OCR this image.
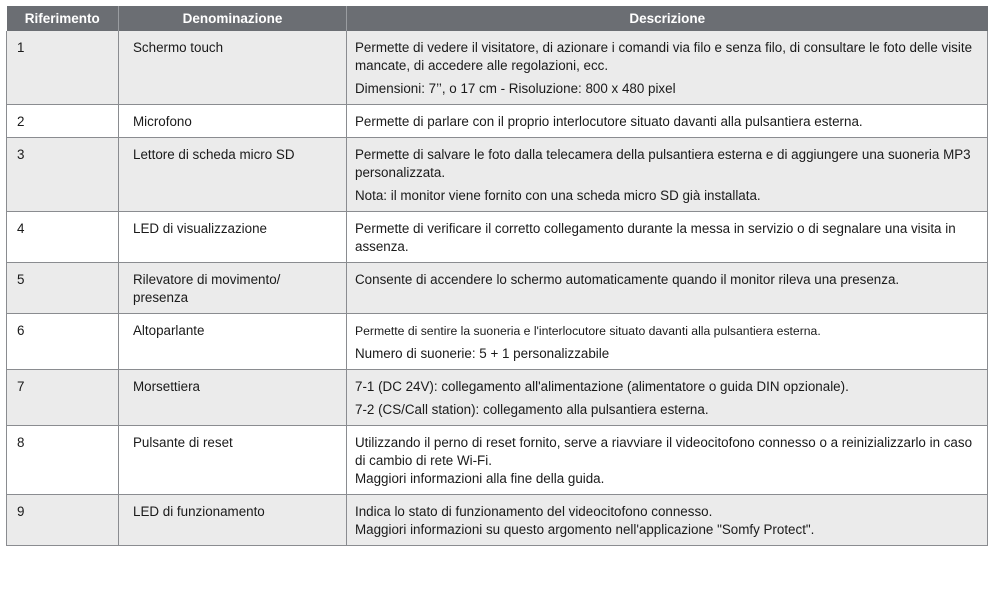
Riferimento	Denominazione	Descrizione
1	Schermo touch	Permette di vedere il visitatore, di azionare i comandi via filo e senza filo, di consultare le foto delle visite mancate, di accedere alle regolazioni, ecc.

Dimensioni: 7’’, o 17 cm - Risoluzione: 800 x 480 pixel

2	Microfono	Permette di parlare con il proprio interlocutore situato davanti alla pulsantiera esterna.

3	Lettore di scheda micro SD	Permette di salvare le foto dalla telecamera della pulsantiera esterna e di aggiungere una suoneria MP3 personalizzata.

Nota: il monitor viene fornito con una scheda micro SD già installata.

4	LED di visualizzazione	Permette di verificare il corretto collegamento durante la messa in servizio o di segnalare una visita in assenza.

5	Rilevatore di movimento/ presenza	Consente di accendere lo schermo automaticamente quando il monitor rileva una presenza.

6	Altoparlante	Permette di sentire la suoneria e l'interlocutore situato davanti alla pulsantiera esterna.

Numero di suonerie: 5 + 1 personalizzabile

7	Morsettiera	7-1 (DC 24V): collegamento all'alimentazione (alimentatore o guida DIN opzionale).

7-2 (CS/Call station): collegamento alla pulsantiera esterna.

8	Pulsante di reset	Utilizzando il perno di reset fornito, serve a riavviare il videocitofono connesso o a reinizializzarlo in caso di cambio di rete Wi-Fi.

Maggiori informazioni alla fine della guida.

9	LED di funzionamento	Indica lo stato di funzionamento del videocitofono connesso.

Maggiori informazioni su questo argomento nell'applicazione "Somfy Protect".
